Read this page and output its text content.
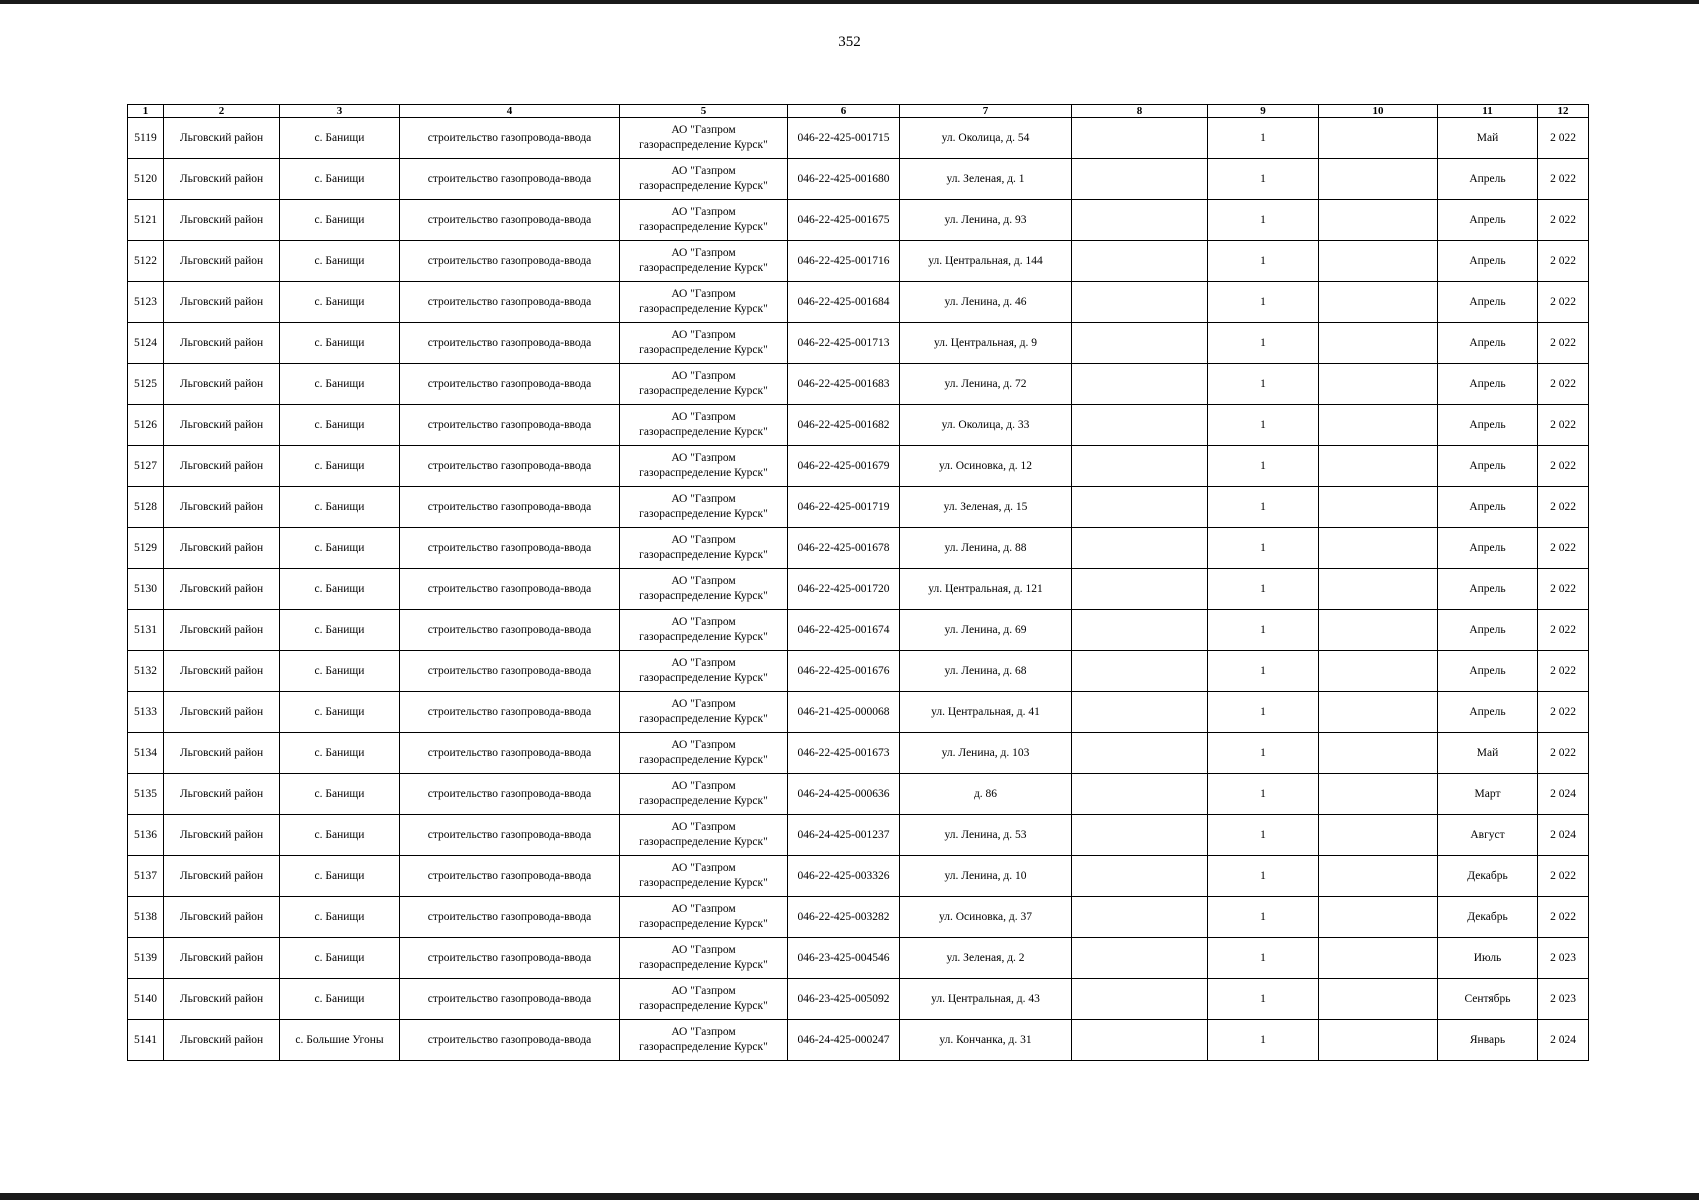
352
1	2	3	4	5	6	7	8	9	10	11	12
5119	Льговский район	с. Банищи	строительство газопровода-ввода	АО "Газпром
газораспределение Курск"	046-22-425-001715	ул. Околица, д. 54		1		Май	2 022
5120	Льговский район	с. Банищи	строительство газопровода-ввода	АО "Газпром
газораспределение Курск"	046-22-425-001680	ул. Зеленая, д. 1		1		Апрель	2 022
5121	Льговский район	с. Банищи	строительство газопровода-ввода	АО "Газпром
газораспределение Курск"	046-22-425-001675	ул. Ленина, д. 93		1		Апрель	2 022
5122	Льговский район	с. Банищи	строительство газопровода-ввода	АО "Газпром
газораспределение Курск"	046-22-425-001716	ул. Центральная, д. 144		1		Апрель	2 022
5123	Льговский район	с. Банищи	строительство газопровода-ввода	АО "Газпром
газораспределение Курск"	046-22-425-001684	ул. Ленина, д. 46		1		Апрель	2 022
5124	Льговский район	с. Банищи	строительство газопровода-ввода	АО "Газпром
газораспределение Курск"	046-22-425-001713	ул. Центральная, д. 9		1		Апрель	2 022
5125	Льговский район	с. Банищи	строительство газопровода-ввода	АО "Газпром
газораспределение Курск"	046-22-425-001683	ул. Ленина, д. 72		1		Апрель	2 022
5126	Льговский район	с. Банищи	строительство газопровода-ввода	АО "Газпром
газораспределение Курск"	046-22-425-001682	ул. Околица, д. 33		1		Апрель	2 022
5127	Льговский район	с. Банищи	строительство газопровода-ввода	АО "Газпром
газораспределение Курск"	046-22-425-001679	ул. Осиновка, д. 12		1		Апрель	2 022
5128	Льговский район	с. Банищи	строительство газопровода-ввода	АО "Газпром
газораспределение Курск"	046-22-425-001719	ул. Зеленая, д. 15		1		Апрель	2 022
5129	Льговский район	с. Банищи	строительство газопровода-ввода	АО "Газпром
газораспределение Курск"	046-22-425-001678	ул. Ленина, д. 88		1		Апрель	2 022
5130	Льговский район	с. Банищи	строительство газопровода-ввода	АО "Газпром
газораспределение Курск"	046-22-425-001720	ул. Центральная, д. 121		1		Апрель	2 022
5131	Льговский район	с. Банищи	строительство газопровода-ввода	АО "Газпром
газораспределение Курск"	046-22-425-001674	ул. Ленина, д. 69		1		Апрель	2 022
5132	Льговский район	с. Банищи	строительство газопровода-ввода	АО "Газпром
газораспределение Курск"	046-22-425-001676	ул. Ленина, д. 68		1		Апрель	2 022
5133	Льговский район	с. Банищи	строительство газопровода-ввода	АО "Газпром
газораспределение Курск"	046-21-425-000068	ул. Центральная, д. 41		1		Апрель	2 022
5134	Льговский район	с. Банищи	строительство газопровода-ввода	АО "Газпром
газораспределение Курск"	046-22-425-001673	ул. Ленина, д. 103		1		Май	2 022
5135	Льговский район	с. Банищи	строительство газопровода-ввода	АО "Газпром
газораспределение Курск"	046-24-425-000636	д. 86		1		Март	2 024
5136	Льговский район	с. Банищи	строительство газопровода-ввода	АО "Газпром
газораспределение Курск"	046-24-425-001237	ул. Ленина, д. 53		1		Август	2 024
5137	Льговский район	с. Банищи	строительство газопровода-ввода	АО "Газпром
газораспределение Курск"	046-22-425-003326	ул. Ленина, д. 10		1		Декабрь	2 022
5138	Льговский район	с. Банищи	строительство газопровода-ввода	АО "Газпром
газораспределение Курск"	046-22-425-003282	ул. Осиновка, д. 37		1		Декабрь	2 022
5139	Льговский район	с. Банищи	строительство газопровода-ввода	АО "Газпром
газораспределение Курск"	046-23-425-004546	ул. Зеленая, д. 2		1		Июль	2 023
5140	Льговский район	с. Банищи	строительство газопровода-ввода	АО "Газпром
газораспределение Курск"	046-23-425-005092	ул. Центральная, д. 43		1		Сентябрь	2 023
5141	Льговский район	с. Большие Угоны	строительство газопровода-ввода	АО "Газпром
газораспределение Курск"	046-24-425-000247	ул. Кончанка, д. 31		1		Январь	2 024
